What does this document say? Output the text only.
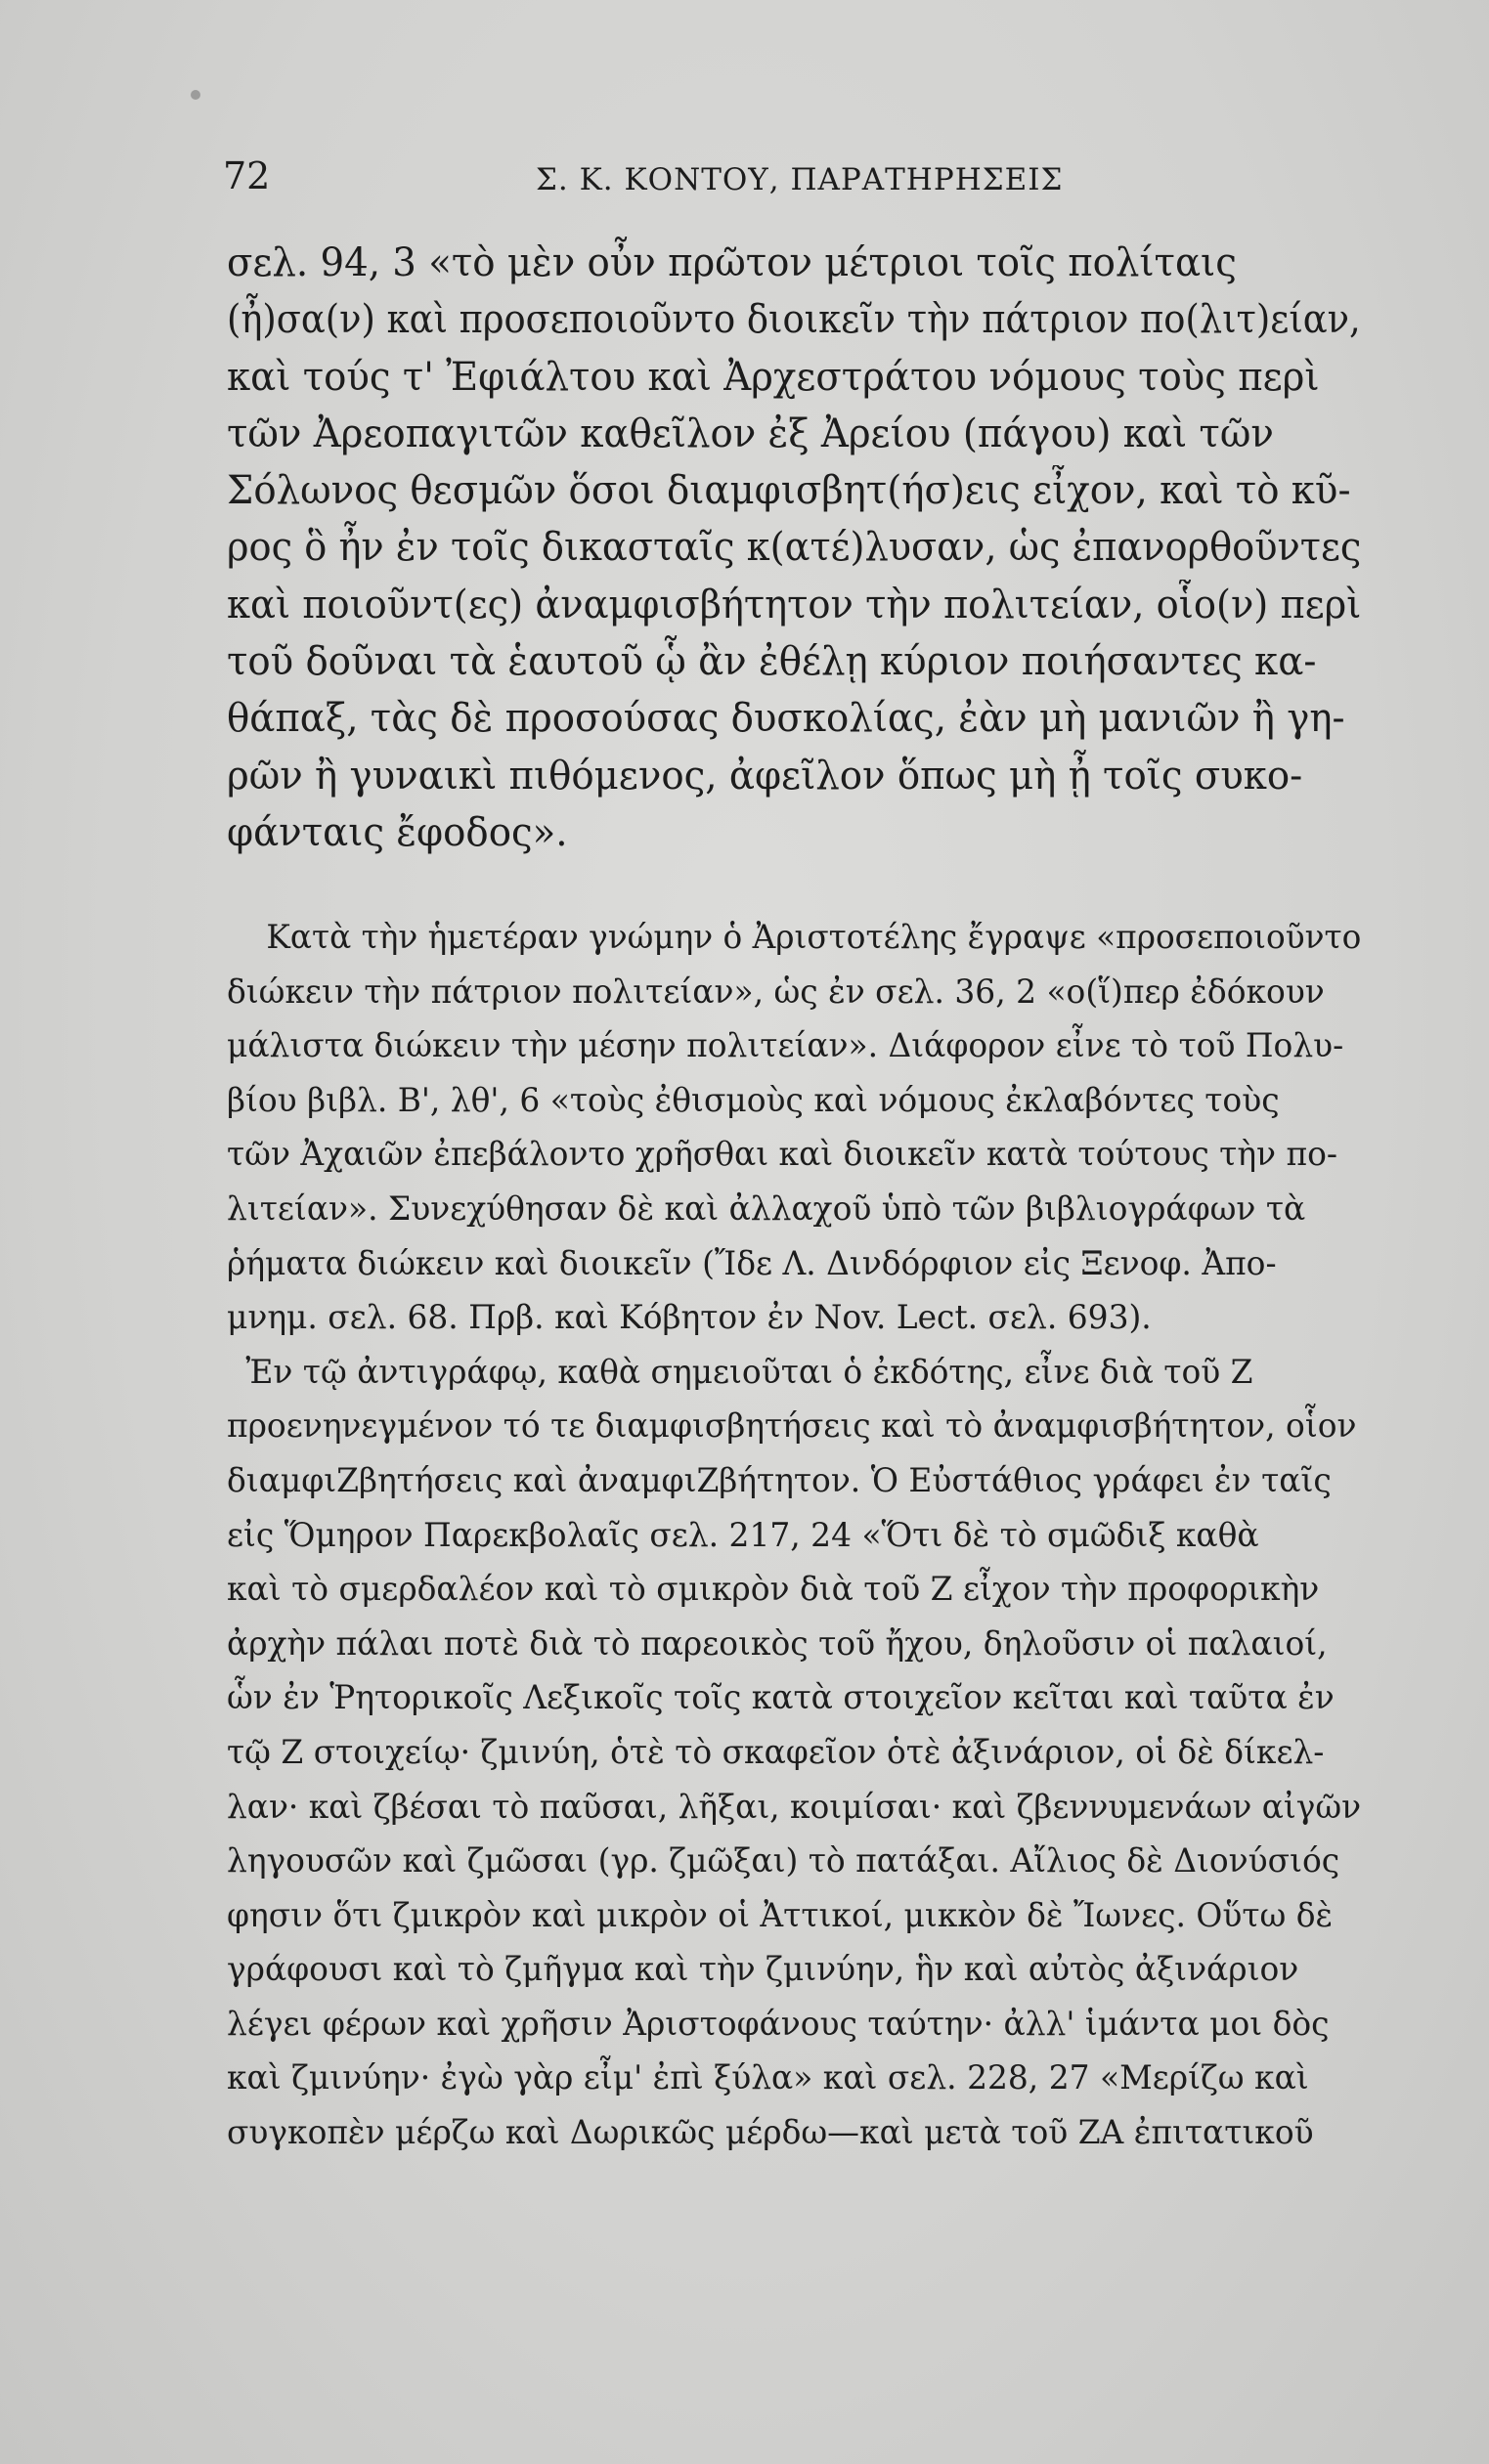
72	Σ. Κ. ΚΟΝΤΟΥ, ΠΑΡΑΤΗΡΗΣΕΙΣ
σελ. 94, 3 «τὸ μὲν οὖν πρῶτον μέτριοι τοῖς πολίταις
(ἦ)σα(ν) καὶ προσεποιοῦντο διοικεῖν τὴν πάτριον πο(λιτ)είαν,
καὶ τούς τ' Ἐφιάλτου καὶ Ἀρχεστράτου νόμους τοὺς περὶ
τῶν Ἀρεοπαγιτῶν καθεῖλον ἐξ Ἀρείου (πάγου) καὶ τῶν
Σόλωνος θεσμῶν ὅσοι διαμφισβητ(ήσ)εις εἶχον, καὶ τὸ κῦ-
ρος ὃ ἦν ἐν τοῖς δικασταῖς κ(ατέ)λυσαν, ὡς ἐπανορθοῦντες
καὶ ποιοῦντ(ες) ἀναμφισβήτητον τὴν πολιτείαν, οἷο(ν) περὶ
τοῦ δοῦναι τὰ ἑαυτοῦ ᾧ ἂν ἐθέλῃ κύριον ποιήσαντες κα-
θάπαξ, τὰς δὲ προσούσας δυσκολίας, ἐὰν μὴ μανιῶν ἢ γη-
ρῶν ἢ γυναικὶ πιθόμενος, ἀφεῖλον ὅπως μὴ ᾖ τοῖς συκο-
φάνταις ἔφοδος».
Κατὰ τὴν ἡμετέραν γνώμην ὁ Ἀριστοτέλης ἔγραψε «προσεποιοῦντο
διώκειν τὴν πάτριον πολιτείαν», ὡς ἐν σελ. 36, 2 «ο(ἵ)περ ἐδόκουν
μάλιστα διώκειν τὴν μέσην πολιτείαν». Διάφορον εἶνε τὸ τοῦ Πολυ-
βίου βιβλ. Β', λθ', 6 «τοὺς ἐθισμοὺς καὶ νόμους ἐκλαβόντες τοὺς
τῶν Ἀχαιῶν ἐπεβάλοντο χρῆσθαι καὶ διοικεῖν κατὰ τούτους τὴν πο-
λιτείαν». Συνεχύθησαν δὲ καὶ ἀλλαχοῦ ὑπὸ τῶν βιβλιογράφων τὰ
ῥήματα διώκειν καὶ διοικεῖν (Ἴδε Λ. Δινδόρφιον εἰς Ξενοφ. Ἀπο-
μνημ. σελ. 68. Πρβ. καὶ Κόβητον ἐν Nov. Lect. σελ. 693).
Ἐν τῷ ἀντιγράφῳ, καθὰ σημειοῦται ὁ ἐκδότης, εἶνε διὰ τοῦ Ζ
προενηνεγμένον τό τε διαμφισβητήσεις καὶ τὸ ἀναμφισβήτητον, οἷον
διαμφιΖβητήσεις καὶ ἀναμφιΖβήτητον. Ὁ Εὐστάθιος γράφει ἐν ταῖς
εἰς Ὅμηρον Παρεκβολαῖς σελ. 217, 24 «Ὅτι δὲ τὸ σμῶδιξ καθὰ
καὶ τὸ σμερδαλέον καὶ τὸ σμικρὸν διὰ τοῦ Ζ εἶχον τὴν προφορικὴν
ἀρχὴν πάλαι ποτὲ διὰ τὸ παρεοικὸς τοῦ ἤχου, δηλοῦσιν οἱ παλαιοί,
ὧν ἐν Ῥητορικοῖς Λεξικοῖς τοῖς κατὰ στοιχεῖον κεῖται καὶ ταῦτα ἐν
τῷ Ζ στοιχείῳ· ζμινύη, ὁτὲ τὸ σκαφεῖον ὁτὲ ἀξινάριον, οἱ δὲ δίκελ-
λαν· καὶ ζβέσαι τὸ παῦσαι, λῆξαι, κοιμίσαι· καὶ ζβεννυμενάων αἰγῶν
ληγουσῶν καὶ ζμῶσαι (γρ. ζμῶξαι) τὸ πατάξαι. Αἴλιος δὲ Διονύσιός
φησιν ὅτι ζμικρὸν καὶ μικρὸν οἱ Ἀττικοί, μικκὸν δὲ Ἴωνες. Οὕτω δὲ
γράφουσι καὶ τὸ ζμῆγμα καὶ τὴν ζμινύην, ἣν καὶ αὐτὸς ἀξινάριον
λέγει φέρων καὶ χρῆσιν Ἀριστοφάνους ταύτην· ἀλλ' ἱμάντα μοι δὸς
καὶ ζμινύην· ἐγὼ γὰρ εἶμ' ἐπὶ ξύλα» καὶ σελ. 228, 27 «Μερίζω καὶ
συγκοπὲν μέρζω καὶ Δωρικῶς μέρδω—καὶ μετὰ τοῦ ΖΑ ἐπιτατικοῦ
